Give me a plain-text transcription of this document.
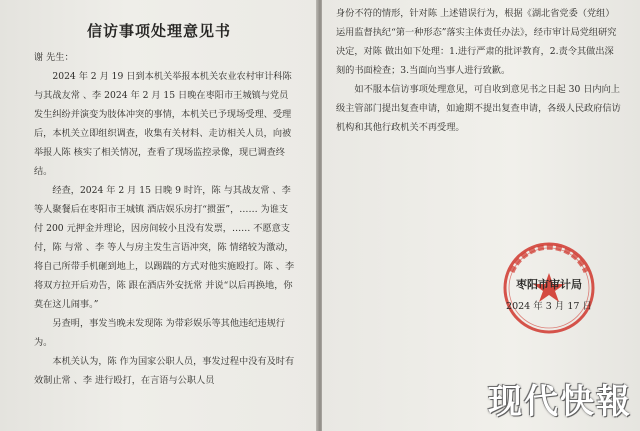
信访事项处理意见书

谢 先生：

2024 年 2 月 19 日到本机关举报本机关农业农村审计科陈 与其战友常 、李 2024 年 2 月 15 日晚在枣阳市王城镇与党员发生纠纷并演变为肢体冲突的事情，本机关已予现场受理、受理后，本机关立即组织调查，收集有关材料、走访相关人员，向被举报人陈 核实了相关情况，查看了现场监控录像，现已调查终结。

经查，2024 年 2 月 15 日晚 9 时许，陈 与其战友常 、李 等人聚餐后在枣阳市王城镇 酒店娱乐房打“掼蛋”，…… 为谁支付 200 元押金并理论，因房间较小且没有发票，…… 不愿意支付，陈 与常 、李 等人与房主发生言语冲突，陈 情绪较为激动，将自己所带手机砸到地上，以踢踹的方式对他实施殴打。陈 、李 将双方拉开后劝告，陈 跟在酒店外安抚常 并说“以后再换地，你莫在这儿闹事。”

另查明，事发当晚未发现陈 为带彩娱乐等其他违纪违规行为。

本机关认为，陈 作为国家公职人员，事发过程中没有及时有效制止常 、李 进行殴打，在言语与公职人员

身份不符的情形，针对陈 上述错误行为，根据《湖北省党委（党组）运用监督执纪“第一种形态”落实主体责任办法》，经市审计局党组研究决定，对陈 做出如下处理：1.进行严肃的批评教育，2.责令其做出深刻的书面检查；3.当面向当事人进行致歉。

如不服本信访事项处理意见，可自收到意见书之日起 30 日内向上级主管部门提出复查申请，如逾期不提出复查申请，各级人民政府信访机构和其他行政机关不再受理。

枣阳市审计局
2024 年 3 月 17 日
现代快報
